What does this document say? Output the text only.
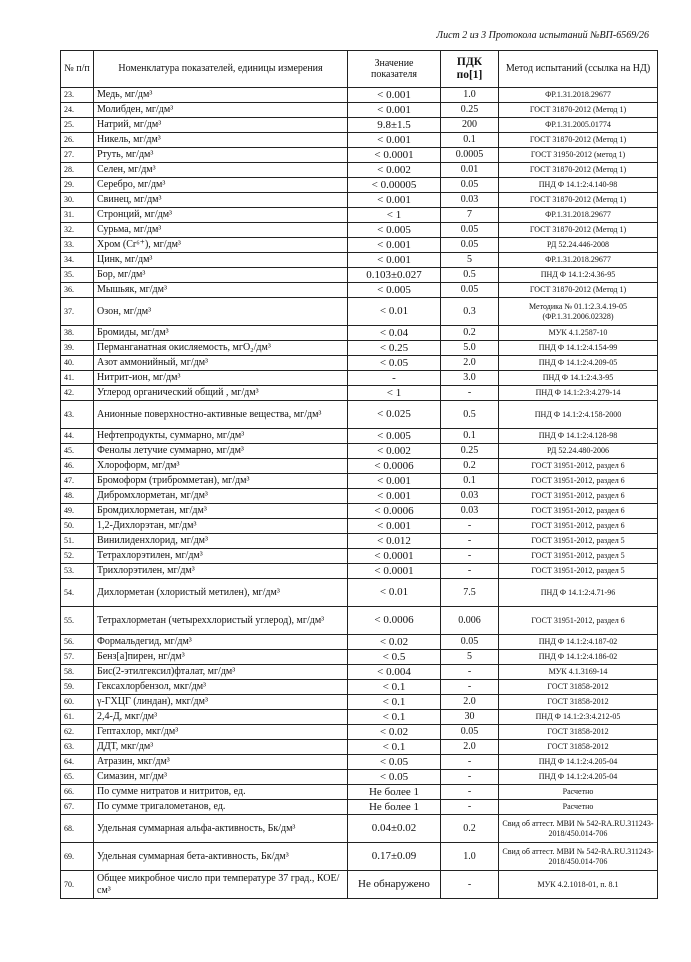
Лист 2 из 3 Протокола испытаний №ВП-6569/26
№ п/п	Номенклатура показателей, единицы измерения	Значение показателя	ПДК по[1]	Метод испытаний (ссылка на НД)
23.	Медь, мг/дм³	< 0.001	1.0	ФР.1.31.2018.29677
24.	Молибден, мг/дм³	< 0.001	0.25	ГОСТ 31870-2012 (Метод 1)
25.	Натрий, мг/дм³	9.8±1.5	200	ФР.1.31.2005.01774
26.	Никель, мг/дм³	< 0.001	0.1	ГОСТ 31870-2012 (Метод 1)
27.	Ртуть, мг/дм³	< 0.0001	0.0005	ГОСТ 31950-2012 (метод 1)
28.	Селен, мг/дм³	< 0.002	0.01	ГОСТ 31870-2012 (Метод 1)
29.	Серебро, мг/дм³	< 0.00005	0.05	ПНД Ф 14.1:2:4.140-98
30.	Свинец, мг/дм³	< 0.001	0.03	ГОСТ 31870-2012 (Метод 1)
31.	Стронций, мг/дм³	< 1	7	ФР.1.31.2018.29677
32.	Сурьма, мг/дм³	< 0.005	0.05	ГОСТ 31870-2012 (Метод 1)
33.	Хром (Cr⁶⁺), мг/дм³	< 0.001	0.05	РД 52.24.446-2008
34.	Цинк, мг/дм³	< 0.001	5	ФР.1.31.2018.29677
35.	Бор, мг/дм³	0.103±0.027	0.5	ПНД Ф 14.1:2:4.36-95
36.	Мышьяк, мг/дм³	< 0.005	0.05	ГОСТ 31870-2012 (Метод 1)
37.	Озон, мг/дм³	< 0.01	0.3	Методика № 01.1:2.3.4.19-05 (ФР.1.31.2006.02328)
38.	Бромиды, мг/дм³	< 0.04	0.2	МУК 4.1.2587-10
39.	Перманганатная окисляемость, мгО₂/дм³	< 0.25	5.0	ПНД Ф 14.1:2:4.154-99
40.	Азот аммонийный, мг/дм³	< 0.05	2.0	ПНД Ф 14.1:2:4.209-05
41.	Нитрит-ион, мг/дм³	-	3.0	ПНД Ф 14.1:2:4.3-95
42.	Углерод органический общий , мг/дм³	< 1	-	ПНД Ф 14.1:2:3:4.279-14
43.	Анионные поверхностно-активные вещества, мг/дм³	< 0.025	0.5	ПНД Ф 14.1:2:4.158-2000
44.	Нефтепродукты, суммарно, мг/дм³	< 0.005	0.1	ПНД Ф 14.1:2:4.128-98
45.	Фенолы летучие суммарно, мг/дм³	< 0.002	0.25	РД 52.24.480-2006
46.	Хлороформ, мг/дм³	< 0.0006	0.2	ГОСТ 31951-2012, раздел 6
47.	Бромоформ (трибромметан), мг/дм³	< 0.001	0.1	ГОСТ 31951-2012, раздел 6
48.	Дибромхлорметан, мг/дм³	< 0.001	0.03	ГОСТ 31951-2012, раздел 6
49.	Бромдихлорметан, мг/дм³	< 0.0006	0.03	ГОСТ 31951-2012, раздел 6
50.	1,2-Дихлорэтан, мг/дм³	< 0.001	-	ГОСТ 31951-2012, раздел 6
51.	Винилиденхлорид, мг/дм³	< 0.012	-	ГОСТ 31951-2012, раздел 5
52.	Тетрахлорэтилен, мг/дм³	< 0.0001	-	ГОСТ 31951-2012, раздел 5
53.	Трихлорэтилен, мг/дм³	< 0.0001	-	ГОСТ 31951-2012, раздел 5
54.	Дихлорметан (хлористый метилен), мг/дм³	< 0.01	7.5	ПНД Ф 14.1:2:4.71-96
55.	Тетрахлорметан (четыреххлористый углерод), мг/дм³	< 0.0006	0.006	ГОСТ 31951-2012, раздел 6
56.	Формальдегид, мг/дм³	< 0.02	0.05	ПНД Ф 14.1:2:4.187-02
57.	Бенз[а]пирен, нг/дм³	< 0.5	5	ПНД Ф 14.1:2:4.186-02
58.	Бис(2-этилгексил)фталат, мг/дм³	< 0.004	-	МУК 4.1.3169-14
59.	Гексахлорбензол, мкг/дм³	< 0.1	-	ГОСТ 31858-2012
60.	γ-ГХЦГ (линдан), мкг/дм³	< 0.1	2.0	ГОСТ 31858-2012
61.	2,4-Д, мкг/дм³	< 0.1	30	ПНД Ф 14.1:2:3:4.212-05
62.	Гептахлор, мкг/дм³	< 0.02	0.05	ГОСТ 31858-2012
63.	ДДТ, мкг/дм³	< 0.1	2.0	ГОСТ 31858-2012
64.	Атразин, мкг/дм³	< 0.05	-	ПНД Ф 14.1:2:4.205-04
65.	Симазин, мг/дм³	< 0.05	-	ПНД Ф 14.1:2:4.205-04
66.	По сумме нитратов и нитритов, ед.	Не более 1	-	Расчетно
67.	По сумме тригалометанов, ед.	Не более 1	-	Расчетно
68.	Удельная суммарная альфа-активность, Бк/дм³	0.04±0.02	0.2	Свид об аттест. МВИ № 542-RA.RU.311243-2018/450.014-706
69.	Удельная суммарная бета-активность, Бк/дм³	0.17±0.09	1.0	Свид об аттест. МВИ № 542-RA.RU.311243-2018/450.014-706
70.	Общее микробное число при температуре 37 град., КОЕ/см³	Не обнаружено	-	МУК 4.2.1018-01, п. 8.1
